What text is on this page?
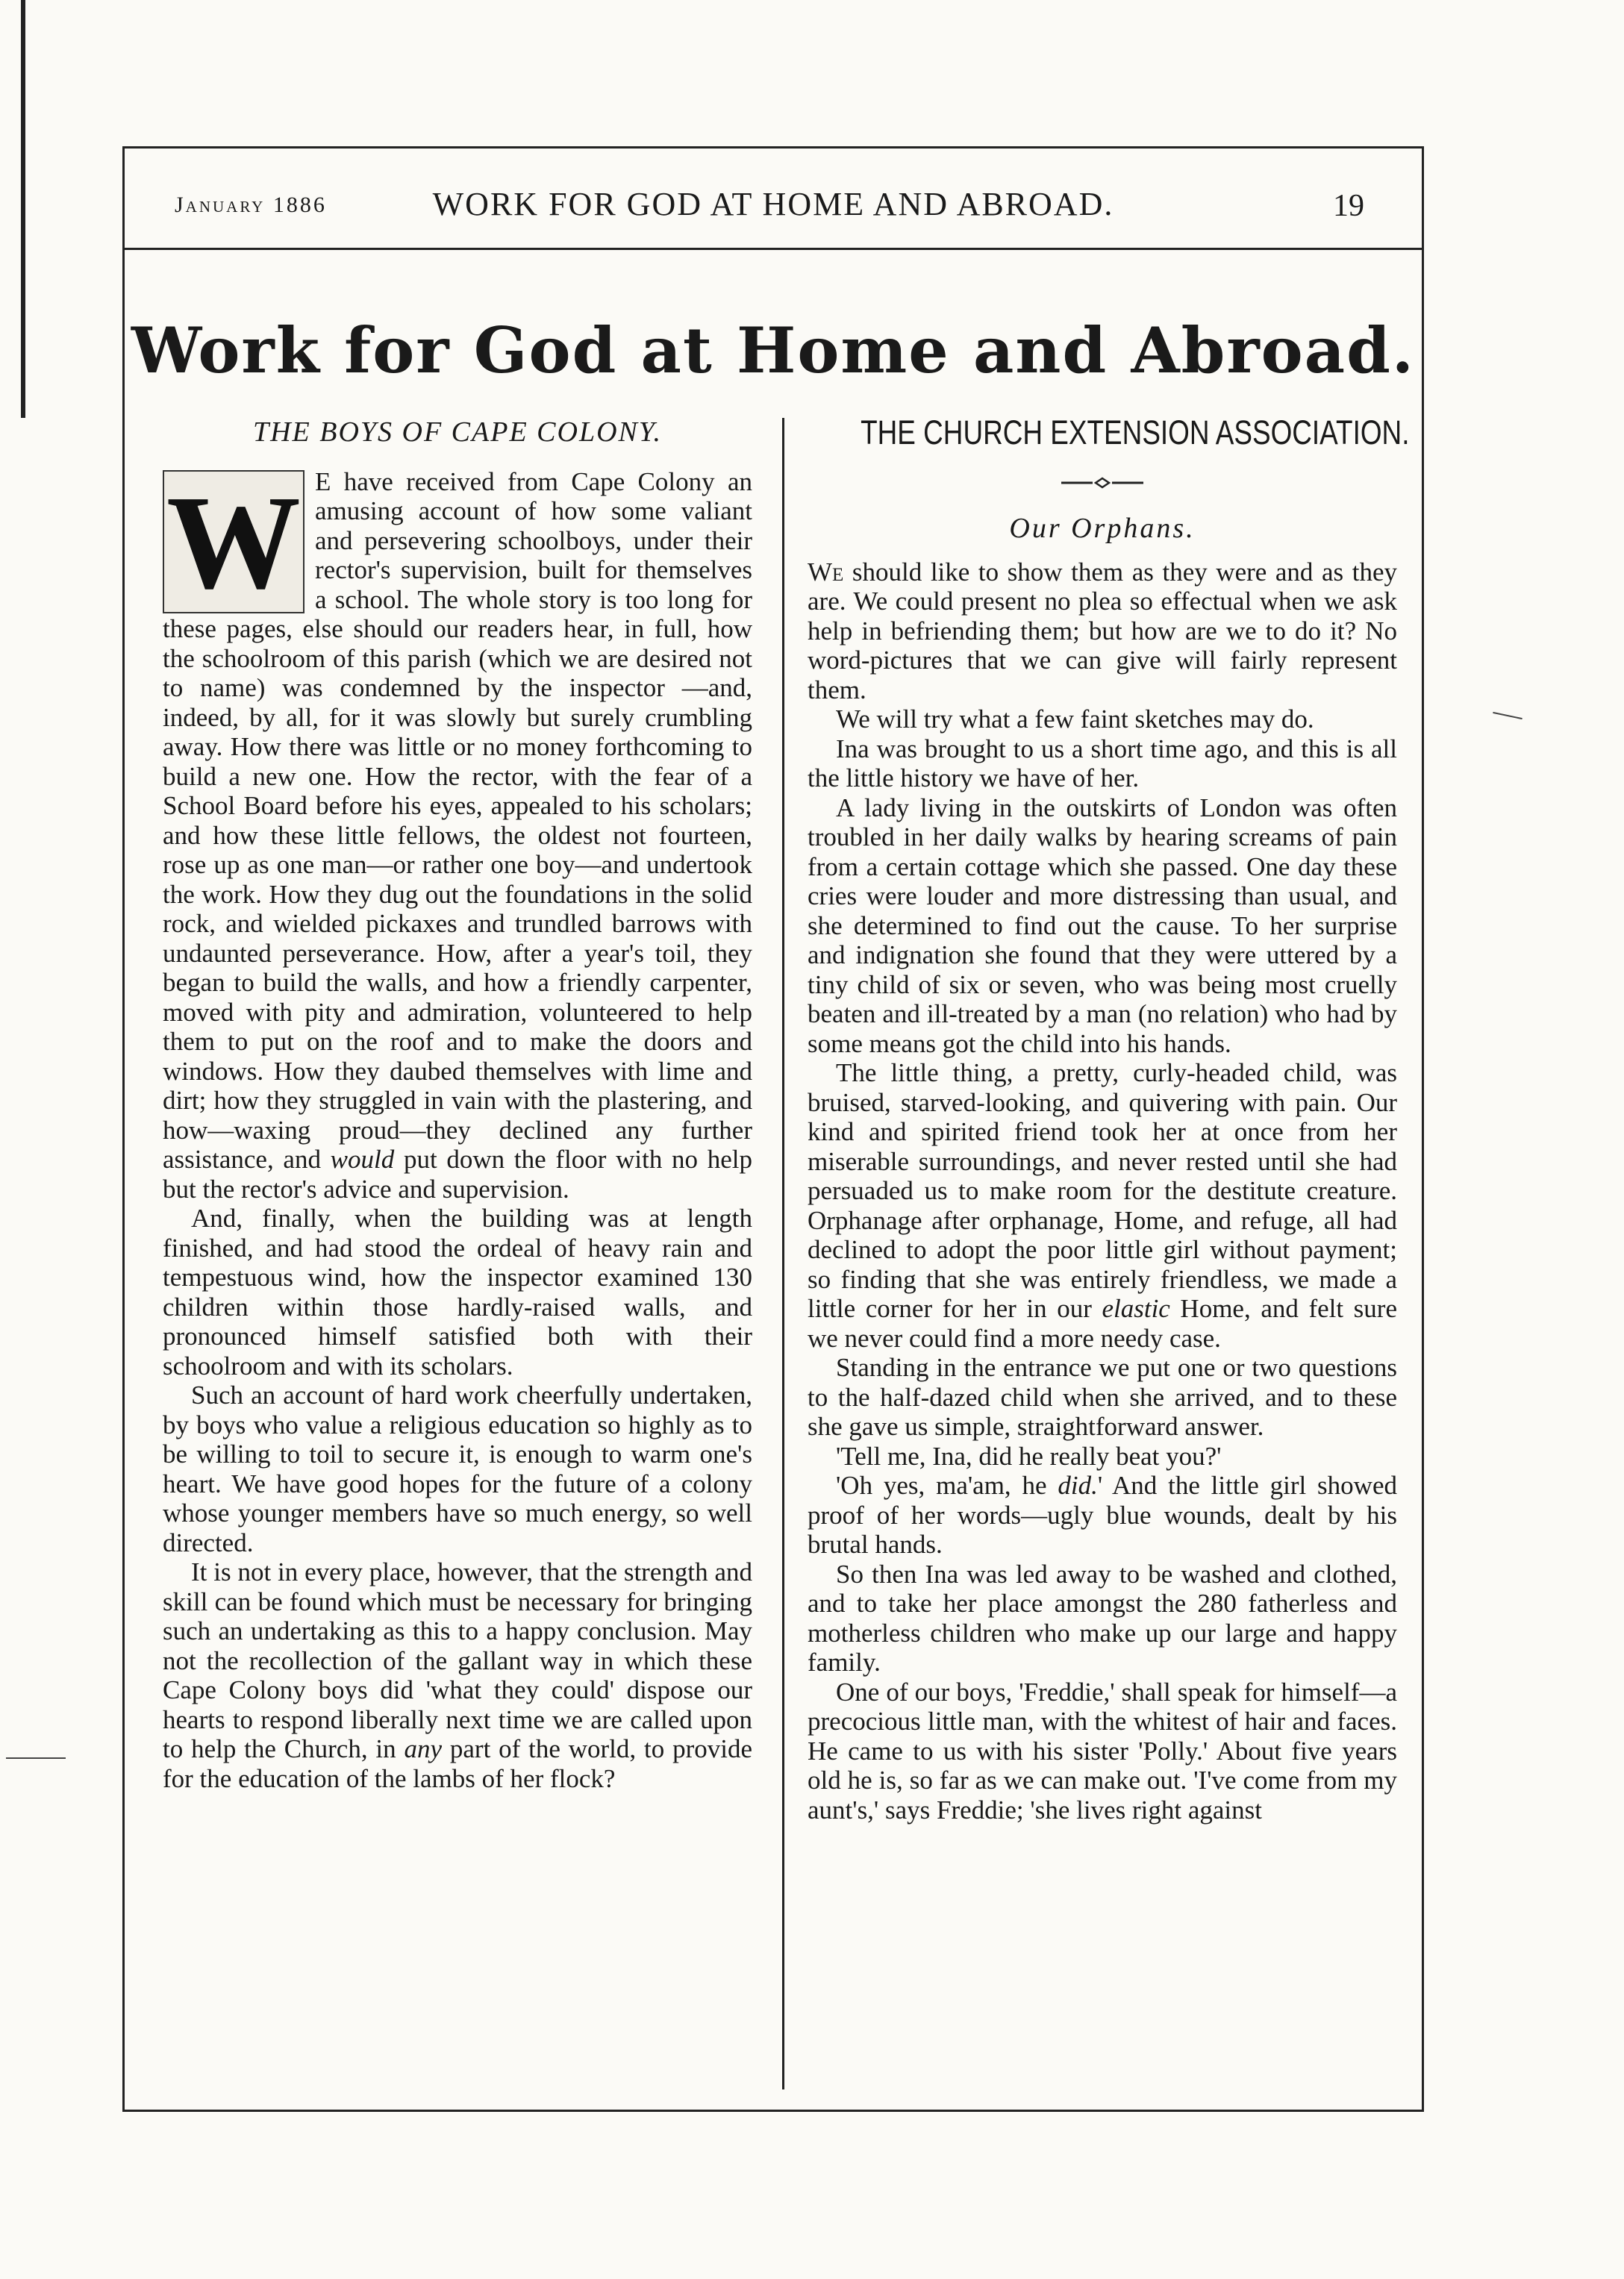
January 1886	WORK FOR GOD AT HOME AND ABROAD.	19
Work for God at Home and Abroad.
THE BOYS OF CAPE COLONY.

W E have received from Cape Colony an amusing account of how some valiant and persevering schoolboys, under their rector's supervision, built for themselves a school. The whole story is too long for these pages, else should our readers hear, in full, how the schoolroom of this parish (which we are desired not to name) was condemned by the inspector —and, indeed, by all, for it was slowly but surely crumbling away. How there was little or no money forthcoming to build a new one. How the rector, with the fear of a School Board before his eyes, appealed to his scholars; and how these little fellows, the oldest not fourteen, rose up as one man—or rather one boy—and undertook the work. How they dug out the foundations in the solid rock, and wielded pickaxes and trundled barrows with undaunted perseverance. How, after a year's toil, they began to build the walls, and how a friendly carpenter, moved with pity and admiration, volunteered to help them to put on the roof and to make the doors and windows. How they daubed themselves with lime and dirt; how they struggled in vain with the plastering, and how—waxing proud—they declined any further assistance, and would put down the floor with no help but the rector's advice and supervision.

And, finally, when the building was at length finished, and had stood the ordeal of heavy rain and tempestuous wind, how the inspector examined 130 children within those hardly-raised walls, and pronounced himself satisfied both with their schoolroom and with its scholars.

Such an account of hard work cheerfully undertaken, by boys who value a religious education so highly as to be willing to toil to secure it, is enough to warm one's heart. We have good hopes for the future of a colony whose younger members have so much energy, so well directed.

It is not in every place, however, that the strength and skill can be found which must be necessary for bringing such an undertaking as this to a happy conclusion. May not the recollection of the gallant way in which these Cape Colony boys did 'what they could' dispose our hearts to respond liberally next time we are called upon to help the Church, in any part of the world, to provide for the education of the lambs of her flock?

THE CHURCH EXTENSION ASSOCIATION.
Our Orphans.

We should like to show them as they were and as they are. We could present no plea so effectual when we ask help in befriending them; but how are we to do it? No word-pictures that we can give will fairly represent them.

We will try what a few faint sketches may do.

Ina was brought to us a short time ago, and this is all the little history we have of her.

A lady living in the outskirts of London was often troubled in her daily walks by hearing screams of pain from a certain cottage which she passed. One day these cries were louder and more distressing than usual, and she determined to find out the cause. To her surprise and indignation she found that they were uttered by a tiny child of six or seven, who was being most cruelly beaten and ill-treated by a man (no relation) who had by some means got the child into his hands.

The little thing, a pretty, curly-headed child, was bruised, starved-looking, and quivering with pain. Our kind and spirited friend took her at once from her miserable surroundings, and never rested until she had persuaded us to make room for the destitute creature. Orphanage after orphanage, Home, and refuge, all had declined to adopt the poor little girl without payment; so finding that she was entirely friendless, we made a little corner for her in our elastic Home, and felt sure we never could find a more needy case.

Standing in the entrance we put one or two questions to the half-dazed child when she arrived, and to these she gave us simple, straightforward answer.

'Tell me, Ina, did he really beat you?'

'Oh yes, ma'am, he did.' And the little girl showed proof of her words—ugly blue wounds, dealt by his brutal hands.

So then Ina was led away to be washed and clothed, and to take her place amongst the 280 fatherless and motherless children who make up our large and happy family.

One of our boys, 'Freddie,' shall speak for himself—a precocious little man, with the whitest of hair and faces. He came to us with his sister 'Polly.' About five years old he is, so far as we can make out. 'I've come from my aunt's,' says Freddie; 'she lives right against
